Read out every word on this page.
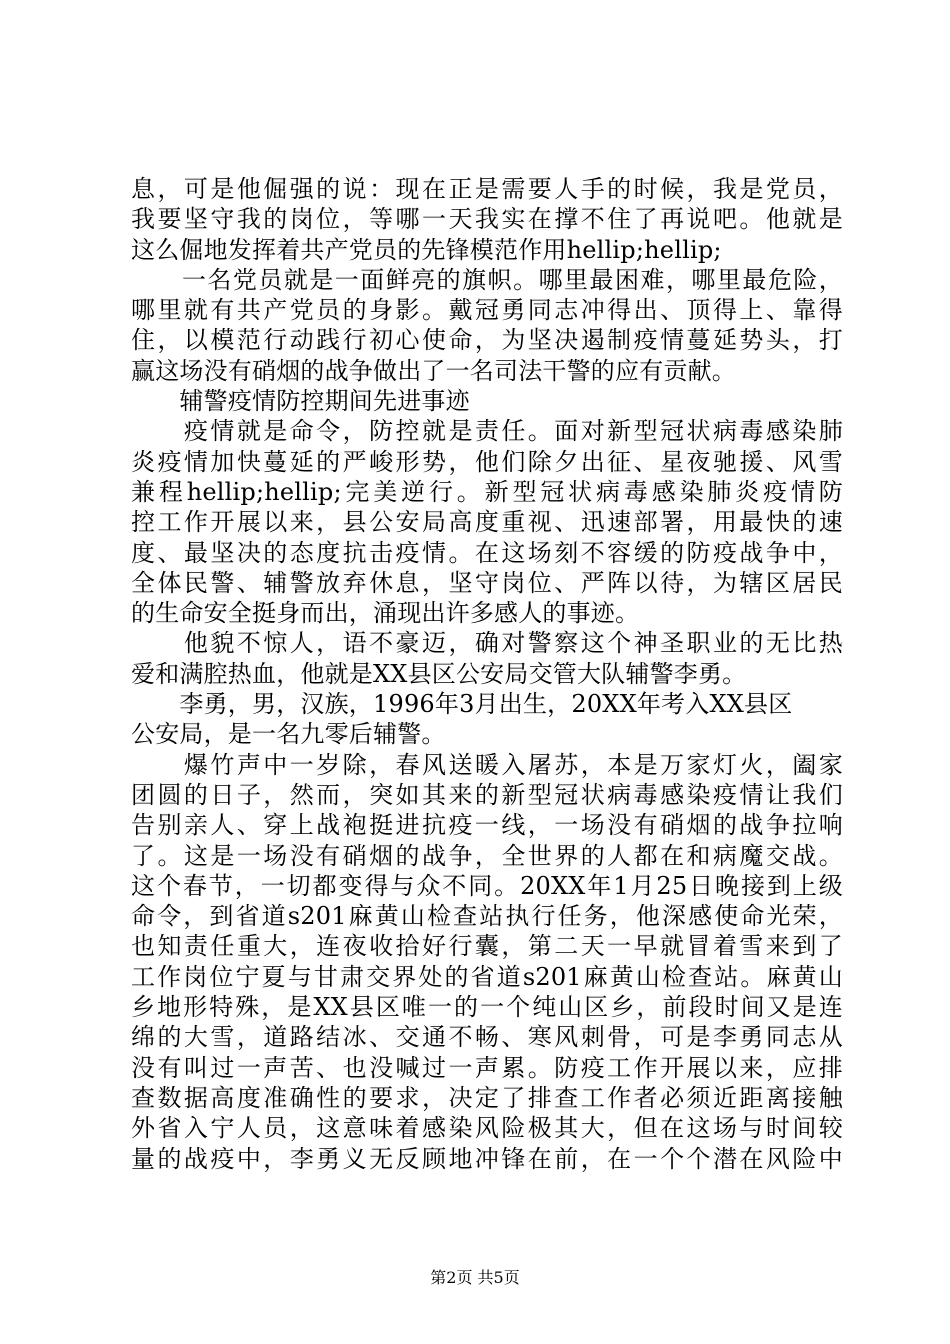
息，可是他倔强的说：现在正是需要人手的时候，我是党员，
我要坚守我的岗位，等哪一天我实在撑不住了再说吧。他就是
这么倔地发挥着共产党员的先锋模范作用hellip;hellip;
　　一名党员就是一面鲜亮的旗帜。哪里最困难，哪里最危险，
哪里就有共产党员的身影。戴冠勇同志冲得出、顶得上、靠得
住，以模范行动践行初心使命，为坚决遏制疫情蔓延势头，打
赢这场没有硝烟的战争做出了一名司法干警的应有贡献。
　　辅警疫情防控期间先进事迹
　　疫情就是命令，防控就是责任。面对新型冠状病毒感染肺
炎疫情加快蔓延的严峻形势，他们除夕出征、星夜驰援、风雪
兼程hellip;hellip;完美逆行。新型冠状病毒感染肺炎疫情防
控工作开展以来，县公安局高度重视、迅速部署，用最快的速
度、最坚决的态度抗击疫情。在这场刻不容缓的防疫战争中，
全体民警、辅警放弃休息，坚守岗位、严阵以待，为辖区居民
的生命安全挺身而出，涌现出许多感人的事迹。
　　他貌不惊人，语不豪迈，确对警察这个神圣职业的无比热
爱和满腔热血，他就是XX县区公安局交管大队辅警李勇。
　　李勇，男，汉族，1996年3月出生，20XX年考入XX县区
公安局，是一名九零后辅警。
　　爆竹声中一岁除，春风送暖入屠苏，本是万家灯火，阖家
团圆的日子，然而，突如其来的新型冠状病毒感染疫情让我们
告别亲人、穿上战袍挺进抗疫一线，一场没有硝烟的战争拉响
了。这是一场没有硝烟的战争，全世界的人都在和病魔交战。
这个春节，一切都变得与众不同。20XX年1月25日晚接到上级
命令，到省道s201麻黄山检查站执行任务，他深感使命光荣，
也知责任重大，连夜收拾好行囊，第二天一早就冒着雪来到了
工作岗位宁夏与甘肃交界处的省道s201麻黄山检查站。麻黄山
乡地形特殊，是XX县区唯一的一个纯山区乡，前段时间又是连
绵的大雪，道路结冰、交通不畅、寒风刺骨，可是李勇同志从
没有叫过一声苦、也没喊过一声累。防疫工作开展以来，应排
查数据高度准确性的要求，决定了排查工作者必须近距离接触
外省入宁人员，这意味着感染风险极其大，但在这场与时间较
量的战疫中，李勇义无反顾地冲锋在前，在一个个潜在风险中
第2页 共5页
